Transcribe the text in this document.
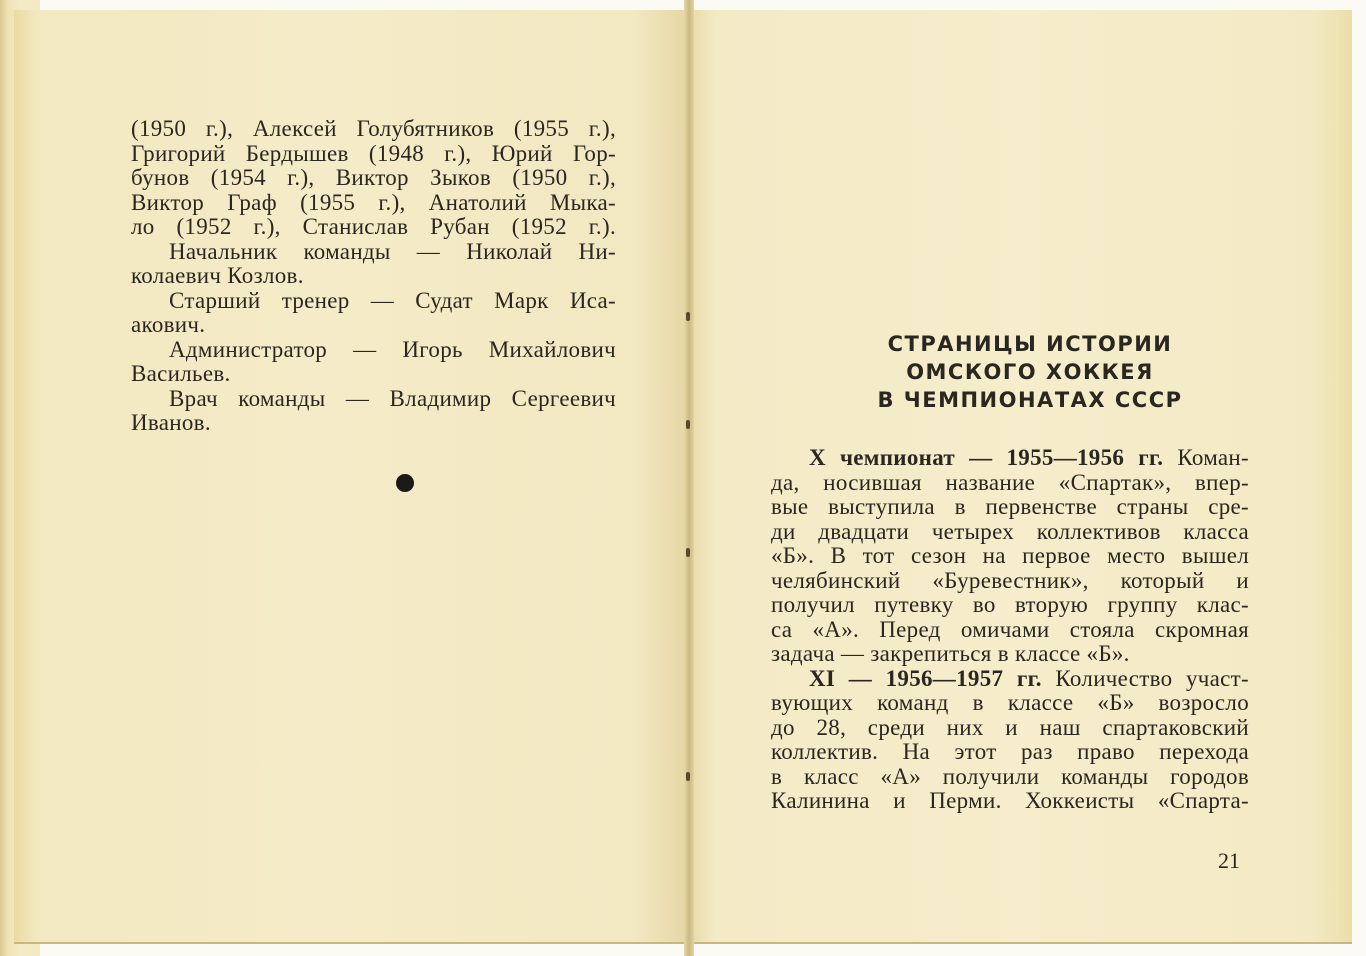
(1950 г.), Алексей Голубятников (1955 г.),
Григорий Бердышев (1948 г.), Юрий Гор-
бунов (1954 г.), Виктор Зыков (1950 г.),
Виктор Граф (1955 г.), Анатолий Мыка-
ло (1952 г.), Станислав Рубан (1952 г.).
Начальник команды — Николай Ни-
колаевич Козлов.
Старший тренер — Судат Марк Иса-
акович.
Администратор — Игорь Михайлович
Васильев.
Врач команды — Владимир Сергеевич
Иванов.
СТРАНИЦЫ ИСТОРИИ
ОМСКОГО ХОККЕЯ
В ЧЕМПИОНАТАХ СССР
X чемпионат — 1955—1956 гг. Коман-
да, носившая название «Спартак», впер-
вые выступила в первенстве страны сре-
ди двадцати четырех коллективов класса
«Б». В тот сезон на первое место вышел
челябинский «Буревестник», который и
получил путевку во вторую группу клас-
са «А». Перед омичами стояла скромная
задача — закрепиться в классе «Б».
XI — 1956—1957 гг. Количество участ-
вующих команд в классе «Б» возросло
до 28, среди них и наш спартаковский
коллектив. На этот раз право перехода
в класс «А» получили команды городов
Калинина и Перми. Хоккеисты «Спарта-
21
